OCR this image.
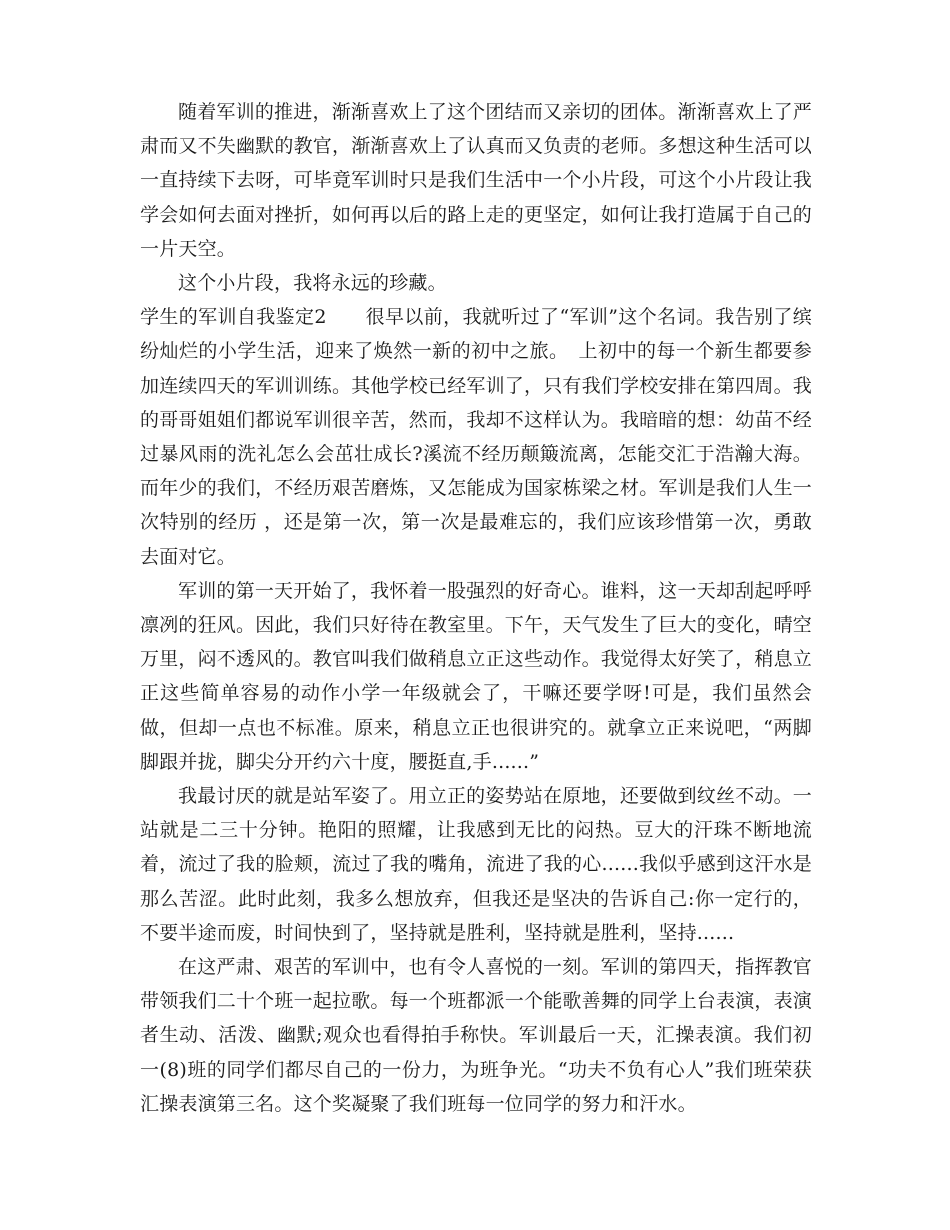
随着军训的推进，渐渐喜欢上了这个团结而又亲切的团体。渐渐喜欢上了严肃而又不失幽默的教官，渐渐喜欢上了认真而又负责的老师。多想这种生活可以一直持续下去呀，可毕竟军训时只是我们生活中一个小片段，可这个小片段让我学会如何去面对挫折，如何再以后的路上走的更坚定，如何让我打造属于自己的一片天空。

这个小片段，我将永远的珍藏。

学生的军训自我鉴定2　　很早以前，我就听过了“军训”这个名词。我告别了缤纷灿烂的小学生活，迎来了焕然一新的初中之旅。　上初中的每一个新生都要参加连续四天的军训训练。其他学校已经军训了，只有我们学校安排在第四周。我的哥哥姐姐们都说军训很辛苦，然而，我却不这样认为。我暗暗的想：幼苗不经过暴风雨的洗礼怎么会茁壮成长?溪流不经历颠簸流离，怎能交汇于浩瀚大海。而年少的我们，不经历艰苦磨炼，又怎能成为国家栋梁之材。军训是我们人生一次特别的经历 ，还是第一次，第一次是最难忘的，我们应该珍惜第一次，勇敢去面对它。

军训的第一天开始了，我怀着一股强烈的好奇心。谁料，这一天却刮起呼呼凛冽的狂风。因此，我们只好待在教室里。下午，天气发生了巨大的变化，晴空万里，闷不透风的。教官叫我们做稍息立正这些动作。我觉得太好笑了，稍息立正这些简单容易的动作小学一年级就会了，干嘛还要学呀!可是，我们虽然会做，但却一点也不标准。原来，稍息立正也很讲究的。就拿立正来说吧，“两脚脚跟并拢，脚尖分开约六十度，腰挺直,手......”

我最讨厌的就是站军姿了。用立正的姿势站在原地，还要做到纹丝不动。一站就是二三十分钟。艳阳的照耀，让我感到无比的闷热。豆大的汗珠不断地流着，流过了我的脸颊，流过了我的嘴角，流进了我的心......我似乎感到这汗水是那么苦涩。此时此刻，我多么想放弃，但我还是坚决的告诉自己:你一定行的，不要半途而废，时间快到了，坚持就是胜利，坚持就是胜利，坚持......

在这严肃、艰苦的军训中，也有令人喜悦的一刻。军训的第四天，指挥教官带领我们二十个班一起拉歌。每一个班都派一个能歌善舞的同学上台表演，表演者生动、活泼、幽默;观众也看得拍手称快。军训最后一天，汇操表演。我们初一(8)班的同学们都尽自己的一份力，为班争光。“功夫不负有心人”我们班荣获汇操表演第三名。这个奖凝聚了我们班每一位同学的努力和汗水。
